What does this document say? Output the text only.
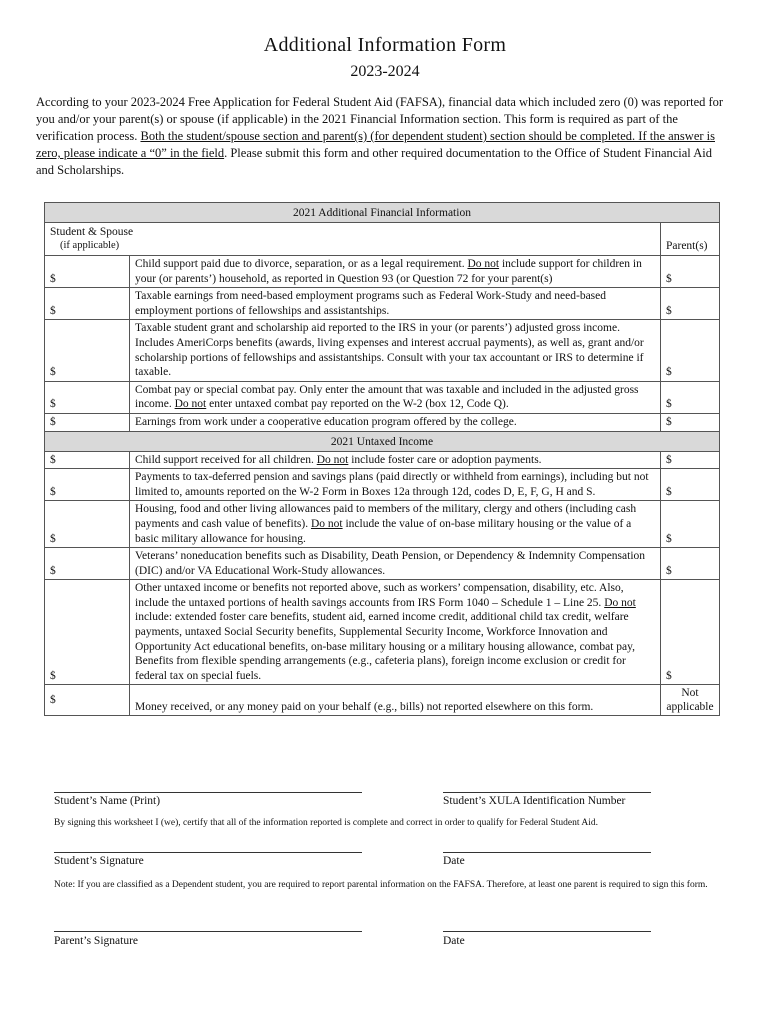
Additional Information Form
2023-2024
According to your 2023-2024 Free Application for Federal Student Aid (FAFSA), financial data which included zero (0) was reported for you and/or your parent(s) or spouse (if applicable) in the 2021 Financial Information section. This form is required as part of the verification process. Both the student/spouse section and parent(s) (for dependent student) section should be completed. If the answer is zero, please indicate a “0” in the field. Please submit this form and other required documentation to the Office of Student Financial Aid and Scholarships.
2021 Additional Financial Information		

Student & Spouse
(if applicable)		Parent(s)
$	Child support paid due to divorce, separation, or as a legal requirement. Do not include support for children in your (or parents’) household, as reported in Question 93 (or Question 72 for your parent(s)	$
$	Taxable earnings from need-based employment programs such as Federal Work-Study and need-based employment portions of fellowships and assistantships.	$
$	Taxable student grant and scholarship aid reported to the IRS in your (or parents’) adjusted gross income. Includes AmeriCorps benefits (awards, living expenses and interest accrual payments), as well as, grant and/or scholarship portions of fellowships and assistantships. Consult with your tax accountant or IRS to determine if taxable.	$
$	Combat pay or special combat pay. Only enter the amount that was taxable and included in the adjusted gross income. Do not enter untaxed combat pay reported on the W-2 (box 12, Code Q).	$
$	Earnings from work under a cooperative education program offered by the college.	$
2021 Untaxed Income		
$	Child support received for all children. Do not include foster care or adoption payments.	$
$	Payments to tax-deferred pension and savings plans (paid directly or withheld from earnings), including but not limited to, amounts reported on the W-2 Form in Boxes 12a through 12d, codes D, E, F, G, H and S.	$
$	Housing, food and other living allowances paid to members of the military, clergy and others (including cash payments and cash value of benefits). Do not include the value of on-base military housing or the value of a basic military allowance for housing.	$
$	Veterans’ noneducation benefits such as Disability, Death Pension, or Dependency & Indemnity Compensation (DIC) and/or VA Educational Work-Study allowances.	$
$	Other untaxed income or benefits not reported above, such as workers’ compensation, disability, etc. Also, include the untaxed portions of health savings accounts from IRS Form 1040 – Schedule 1 – Line 25. Do not include: extended foster care benefits, student aid, earned income credit, additional child tax credit, welfare payments, untaxed Social Security benefits, Supplemental Security Income, Workforce Innovation and Opportunity Act educational benefits, on-base military housing or a military housing allowance, combat pay, Benefits from flexible spending arrangements (e.g., cafeteria plans), foreign income exclusion or credit for federal tax on special fuels.	$
$	Money received, or any money paid on your behalf (e.g., bills) not reported elsewhere on this form.	Not applicable
Student’s Name (Print)	Student’s XULA Identification Number
By signing this worksheet I (we), certify that all of the information reported is complete and correct in order to qualify for Federal Student Aid.
Student’s Signature	Date
Note: If you are classified as a Dependent student, you are required to report parental information on the FAFSA. Therefore, at least one parent is required to sign this form.
Parent’s Signature	Date
